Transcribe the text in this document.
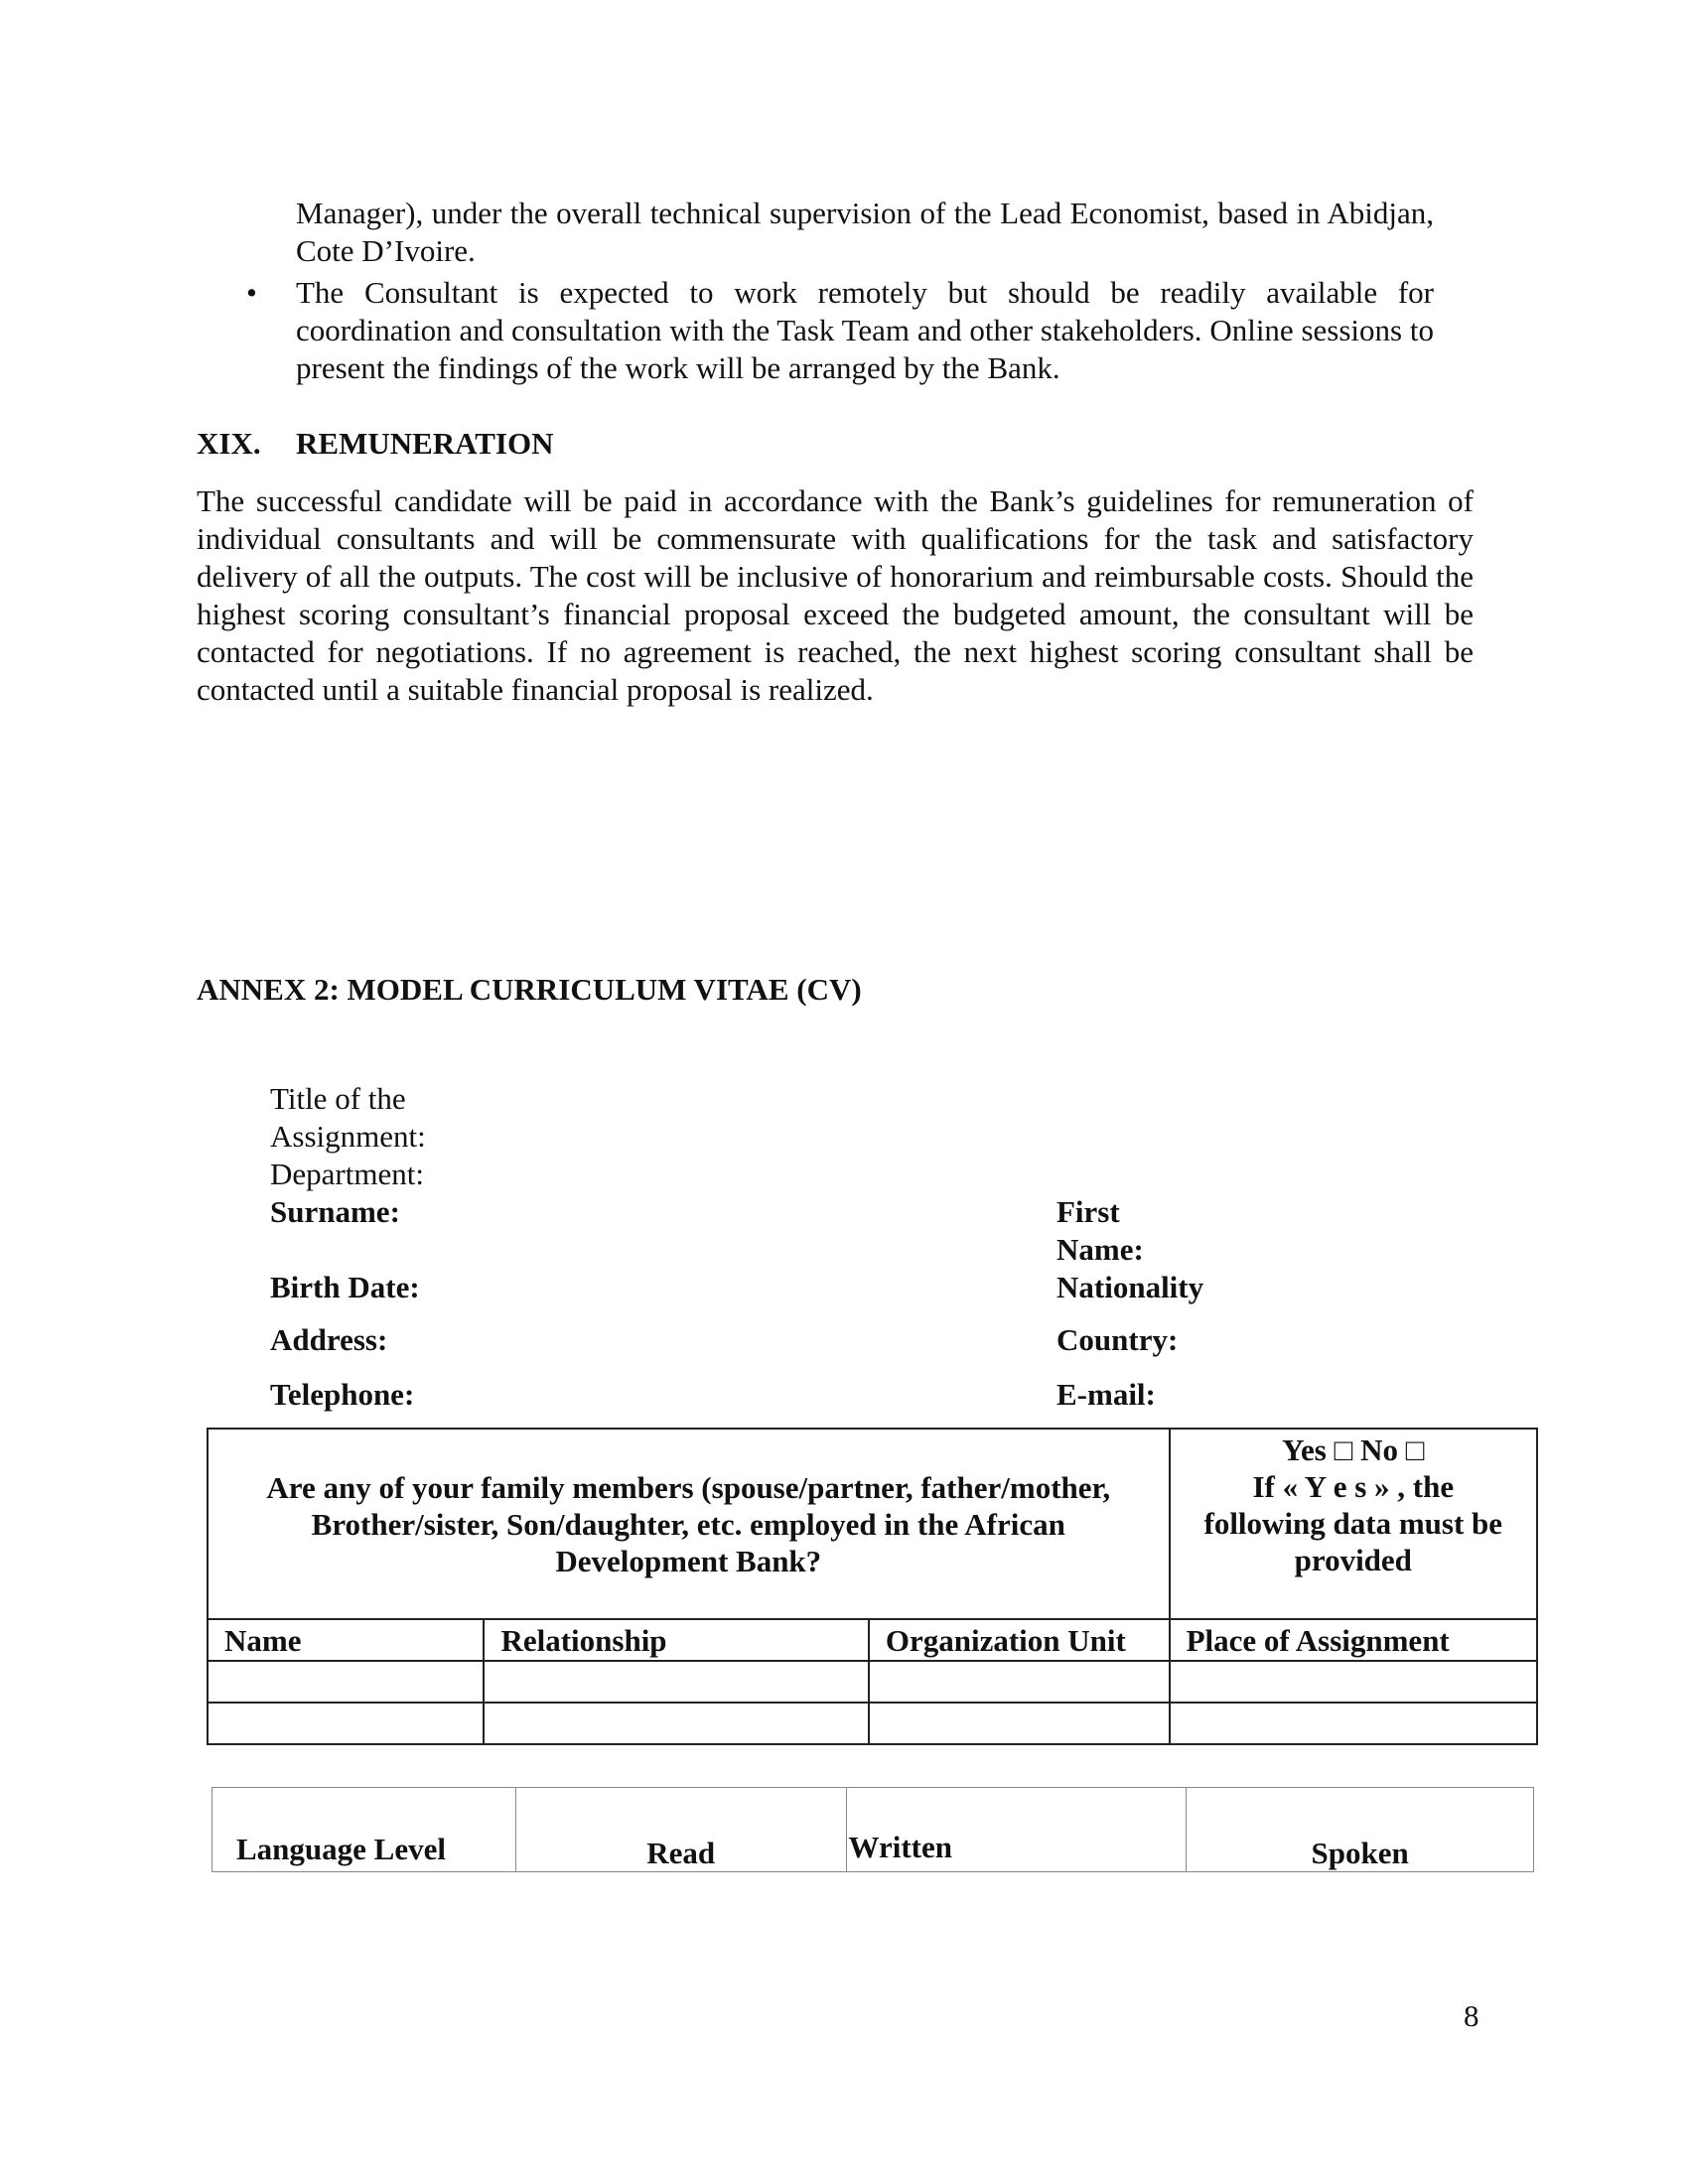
Manager), under the overall technical supervision of the Lead Economist, based in Abidjan, Cote D’Ivoire.
• The Consultant is expected to work remotely but should be readily available for coordination and consultation with the Task Team and other stakeholders. Online sessions to present the findings of the work will be arranged by the Bank.
XIX. REMUNERATION
The successful candidate will be paid in accordance with the Bank’s guidelines for remuneration of individual consultants and will be commensurate with qualifications for the task and satisfactory delivery of all the outputs. The cost will be inclusive of honorarium and reimbursable costs. Should the highest scoring consultant’s financial proposal exceed the budgeted amount, the consultant will be contacted for negotiations. If no agreement is reached, the next highest scoring consultant shall be contacted until a suitable financial proposal is realized.
ANNEX 2: MODEL CURRICULUM VITAE (CV)
Title of the
Assignment:
Department:
Surname:	First
Name:
Birth Date:	Nationality
Address:	Country:
Telephone:	E-mail:
Are any of your family members (spouse/partner, father/mother, Brother/sister, Son/daughter, etc. employed in the African Development Bank?			Yes □ No □
If « Y e s » , the
following data must be
provided

Name	Relationship	Organization Unit	Place of Assignment

Language Level	Read	Written	Spoken
8
